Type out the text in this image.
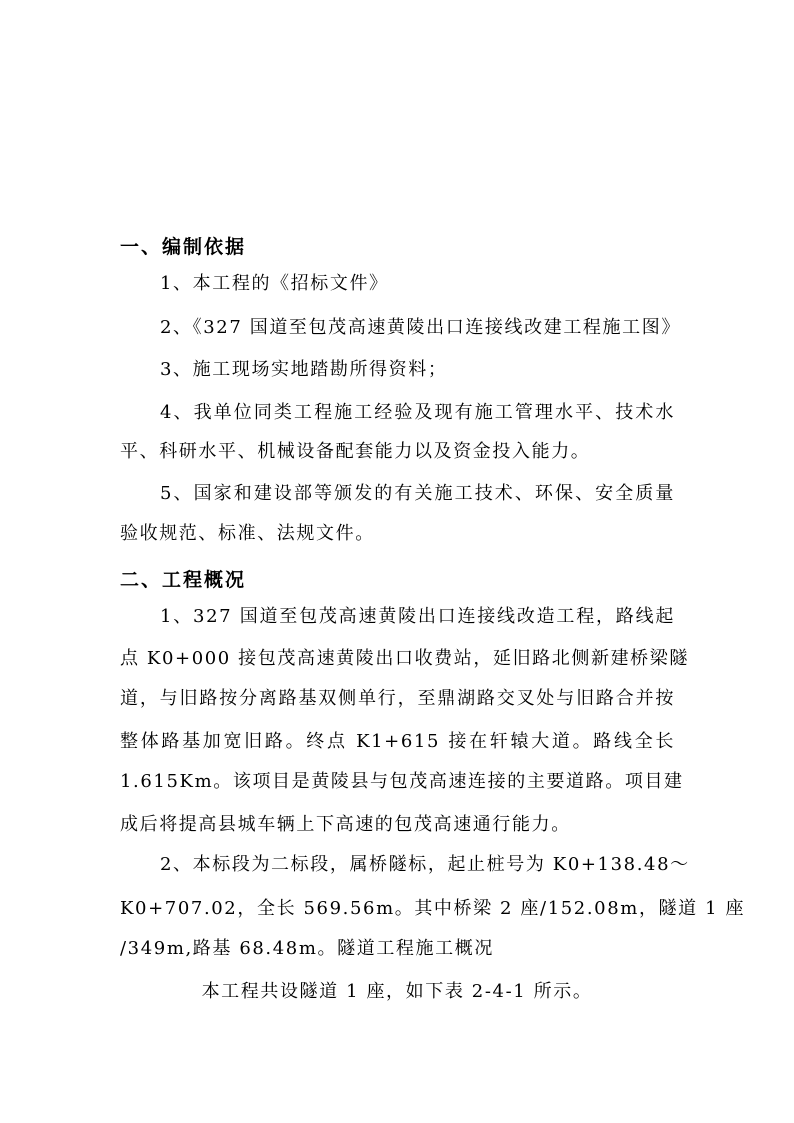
一、编制依据
1、本工程的《招标文件》
2、《327 国道至包茂高速黄陵出口连接线改建工程施工图》
3、施工现场实地踏勘所得资料；
4、我单位同类工程施工经验及现有施工管理水平、技术水
平、科研水平、机械设备配套能力以及资金投入能力。
5、国家和建设部等颁发的有关施工技术、环保、安全质量
验收规范、标准、法规文件。
二、工程概况
1、327 国道至包茂高速黄陵出口连接线改造工程，路线起
点 K0+000 接包茂高速黄陵出口收费站，延旧路北侧新建桥梁隧
道，与旧路按分离路基双侧单行，至鼎湖路交叉处与旧路合并按
整体路基加宽旧路。终点 K1+615 接在轩辕大道。路线全长
1.615Km。该项目是黄陵县与包茂高速连接的主要道路。项目建
成后将提高县城车辆上下高速的包茂高速通行能力。
2、本标段为二标段，属桥隧标，起止桩号为 K0+138.48～
K0+707.02，全长 569.56m。其中桥梁 2 座/152.08m，隧道 1 座
/349m,路基 68.48m。隧道工程施工概况
本工程共设隧道 1 座，如下表 2-4-1 所示。
